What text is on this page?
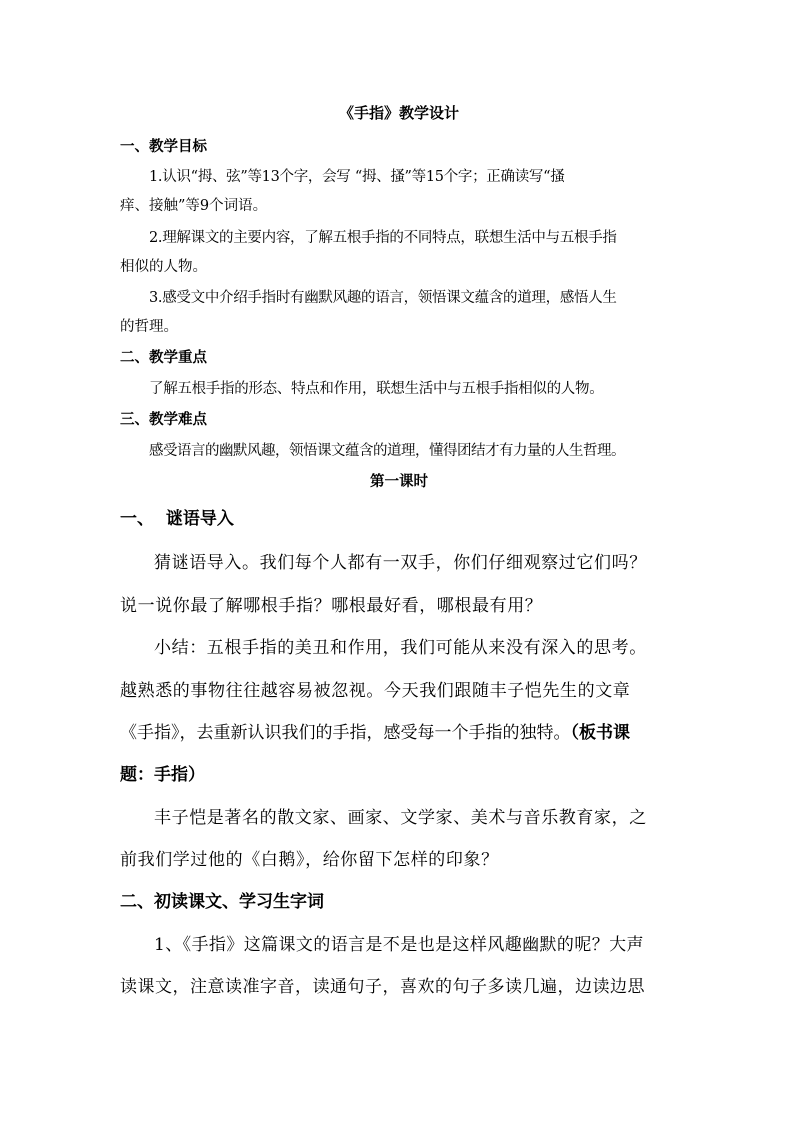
《手指》教学设计
一、教学目标
1.认识“拇、弦”等13个字，会写 “拇、搔”等15个字；正确读写“搔
痒、接触”等9个词语。
2.理解课文的主要内容，了解五根手指的不同特点，联想生活中与五根手指
相似的人物。
3.感受文中介绍手指时有幽默风趣的语言，领悟课文蕴含的道理，感悟人生
的哲理。
二、教学重点
了解五根手指的形态、特点和作用，联想生活中与五根手指相似的人物。
三、教学难点
感受语言的幽默风趣，领悟课文蕴含的道理，懂得团结才有力量的人生哲理。
第一课时
一、  谜语导入
猜谜语导入。我们每个人都有一双手，你们仔细观察过它们吗？
说一说你最了解哪根手指？哪根最好看，哪根最有用？
小结：五根手指的美丑和作用，我们可能从来没有深入的思考。
越熟悉的事物往往越容易被忽视。今天我们跟随丰子恺先生的文章
《手指》，去重新认识我们的手指，感受每一个手指的独特。（板书课
题：手指）
丰子恺是著名的散文家、画家、文学家、美术与音乐教育家，之
前我们学过他的《白鹅》，给你留下怎样的印象？
二、初读课文、学习生字词
1、《手指》这篇课文的语言是不是也是这样风趣幽默的呢？大声
读课文，注意读准字音，读通句子，喜欢的句子多读几遍，边读边思
